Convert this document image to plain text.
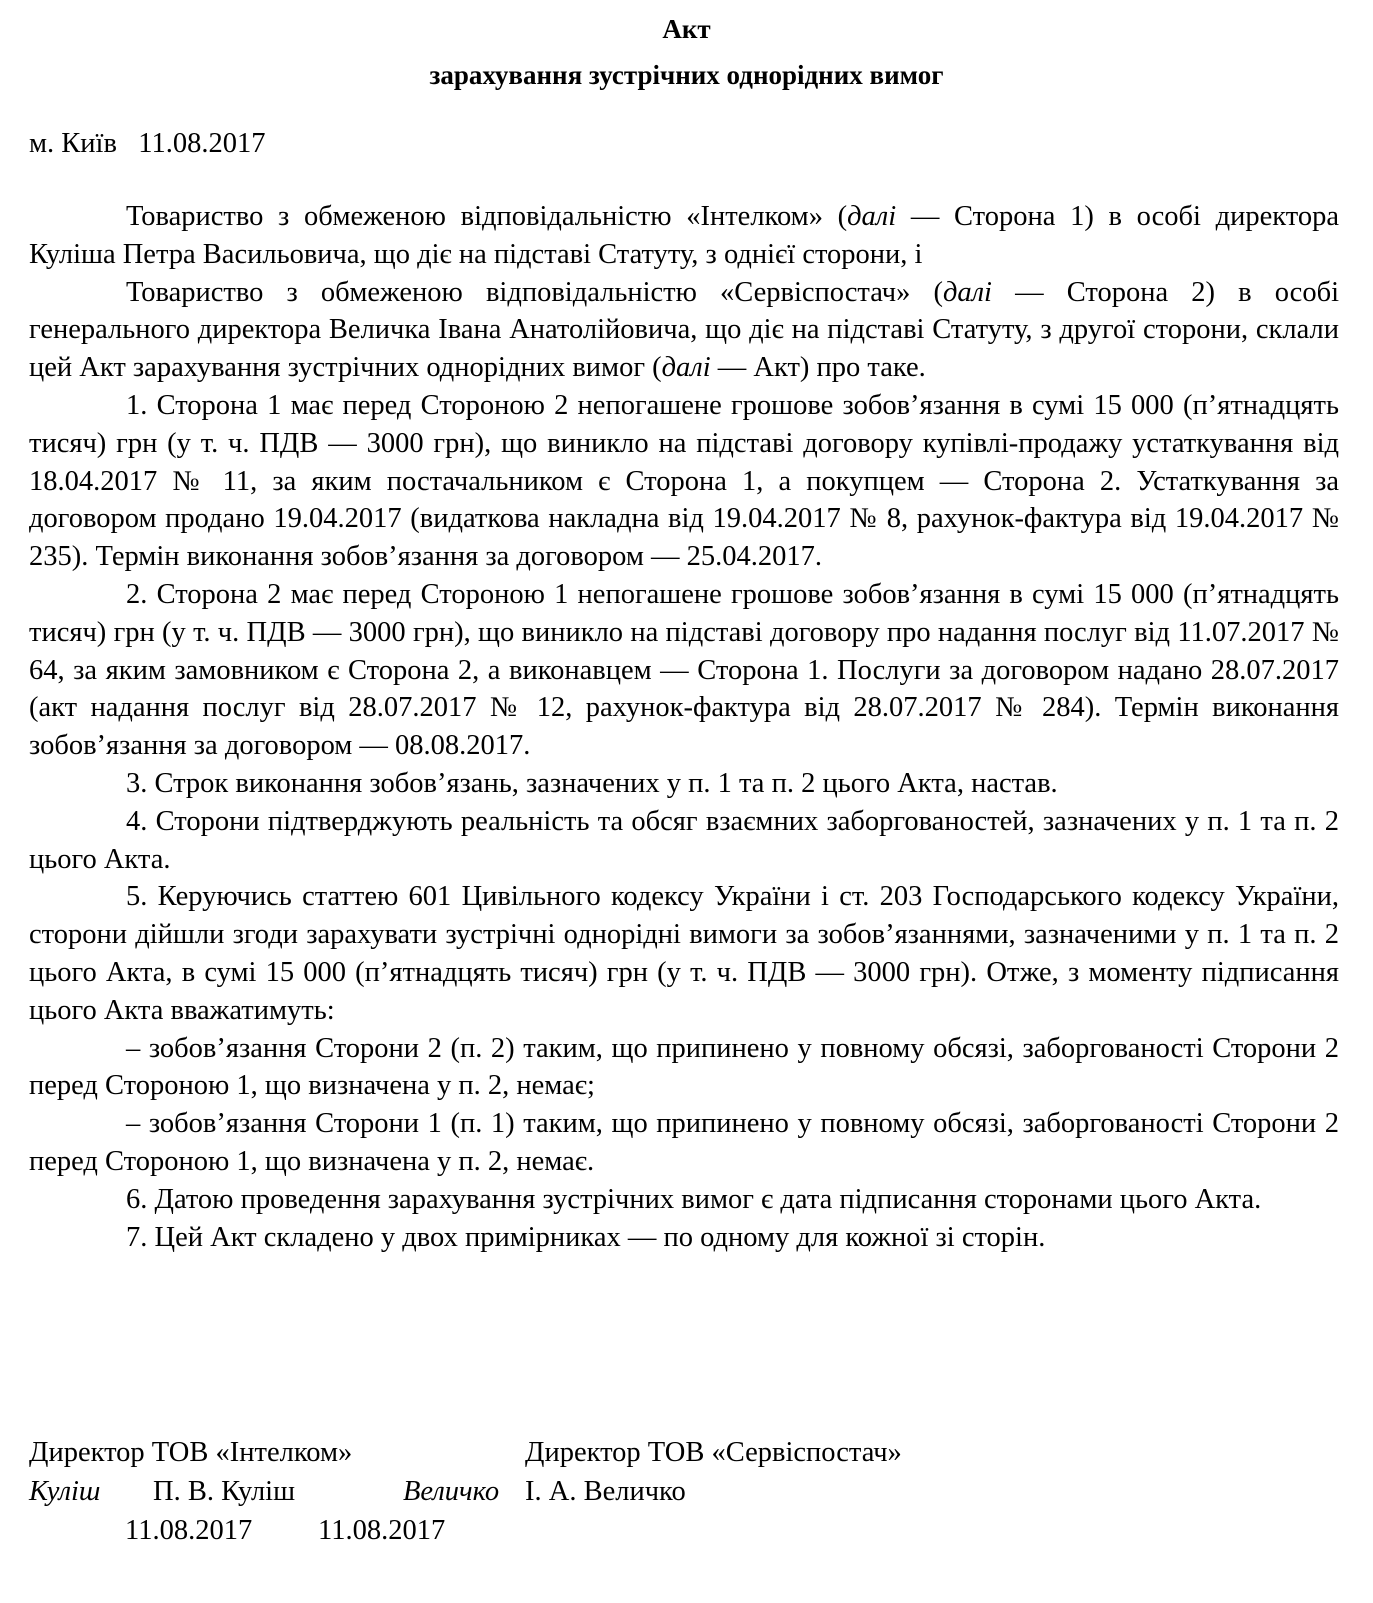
Акт
зарахування зустрічних однорідних вимог
м. Київ   11.08.2017

Товариство з обмеженою відповідальністю «Інтелком» (далі — Сторона 1) в особі директора Куліша Петра Васильовича, що діє на підставі Статуту, з однієї сторони, і

Товариство з обмеженою відповідальністю «Сервіспостач» (далі — Сторона 2) в особі генерального директора Величка Івана Анатолійовича, що діє на підставі Статуту, з другої сторони, склали цей Акт зарахування зустрічних однорідних вимог (далі — Акт) про таке.

1. Сторона 1 має перед Стороною 2 непогашене грошове зобов’язання в сумі 15 000 (п’ятнадцять тисяч) грн (у т. ч. ПДВ — 3000 грн), що виникло на підставі договору купівлі-продажу устаткування від 18.04.2017 № 11, за яким постачальником є Сторона 1, а покупцем — Сторона 2. Устаткування за договором продано 19.04.2017 (видаткова накладна від 19.04.2017 № 8, рахунок-фактура від 19.04.2017 № 235). Термін виконання зобов’язання за договором — 25.04.2017.

2. Сторона 2 має перед Стороною 1 непогашене грошове зобов’язання в сумі 15 000 (п’ятнадцять тисяч) грн (у т. ч. ПДВ — 3000 грн), що виникло на підставі договору про надання послуг від 11.07.2017 № 64, за яким замовником є Сторона 2, а виконавцем — Сторона 1. Послуги за договором надано 28.07.2017 (акт надання послуг від 28.07.2017 № 12, рахунок-фактура від 28.07.2017 № 284). Термін виконання зобов’язання за договором — 08.08.2017.

3. Строк виконання зобов’язань, зазначених у п. 1 та п. 2 цього Акта, настав.

4. Сторони підтверджують реальність та обсяг взаємних заборгованостей, зазначених у п. 1 та п. 2 цього Акта.

5. Керуючись статтею 601 Цивільного кодексу України і ст. 203 Господарського кодексу України, сторони дійшли згоди зарахувати зустрічні однорідні вимоги за зобов’язаннями, зазначеними у п. 1 та п. 2 цього Акта, в сумі 15 000 (п’ятнадцять тисяч) грн (у т. ч. ПДВ — 3000 грн). Отже, з моменту підписання цього Акта вважатимуть:

– зобов’язання Сторони 2 (п. 2) таким, що припинено у повному обсязі, заборгованості Сторони 2 перед Стороною 1, що визначена у п. 2, немає;

– зобов’язання Сторони 1 (п. 1) таким, що припинено у повному обсязі, заборгованості Сторони 2 перед Стороною 1, що визначена у п. 2, немає.

6. Датою проведення зарахування зустрічних вимог є дата підписання сторонами цього Акта.

7. Цей Акт складено у двох примірниках — по одному для кожної зі сторін.

Директор ТОВ «Інтелком»	Директор ТОВ «Сервіспостач»
Куліш П. В. Куліш	Величко І. А. Величко
11.08.2017 11.08.2017
